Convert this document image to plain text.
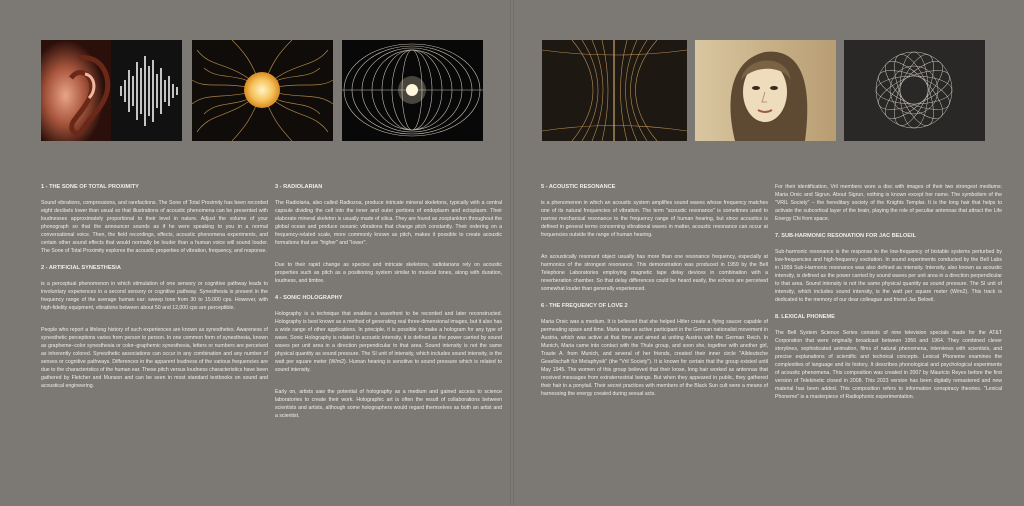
1 - THE SONE OF TOTAL PROXIMITY

Sound vibrations, compressions, and rarefactions. The Sone of Total Proximity has been recorded eight decibels lower than usual so that illustrations of acoustic phenomena can be presented with loudnesses approximately proportional to their level in nature. Adjust the volume of your phonograph so that the announcer sounds as if he were speaking to you in a normal conversational voice. Then, the field recordings, effects, acoustic phenomena experiments, and certain other sound effects that would normally be louder than a human voice will sound louder. The Sone of Total Proximity explores the acoustic properties of vibration, frequency, and response.

2 - ARTIFICIAL SYNESTHESIA

is a perceptual phenomenon in which stimulation of one sensory or cognitive pathway leads to involuntary experiences in a second sensory or cognitive pathway. Synesthesia is present in the frequency range of the average human ear: sweep tone from 30 to 15.000 cps. However, with high-fidelity equipment, vibrations between about 50 and 12,000 cps are perceptible.

People who report a lifelong history of such experiences are known as synesthetes. Awareness of synesthetic perceptions varies from person to person. In one common form of synesthesia, known as grapheme–color synesthesia or color–graphemic synesthesia, letters or numbers are perceived as inherently colored. Synesthetic associations can occur in any combination and any number of senses or cognitive pathways. Differences in the apparent loudness of the various frequencies are due to the characteristics of the human ear. These pitch versus loudness characteristics have been gathered by Fletcher and Munson and can be seen in most standard textbooks on sound and acoustical engineering.

3 - RADIOLARIAN

The Radiolaria, also called Radiozoa, produce intricate mineral skeletons, typically with a central capsule dividing the cell into the inner and outer portions of endoplasm and ectoplasm. Their elaborate mineral skeleton is usually made of silica. They are found as zooplankton throughout the global ocean and produce oceanic vibrations that change pitch constantly. Their ordering on a frequency-related scale, more commonly known as pitch, makes it possible to create acoustic formations that are "higher" and "lower".

Due to their rapid change as species and intricate skeletons, radiolarians rely on acoustic properties such as pitch as a positioning system similar to musical tones, along with duration, loudness, and timbre.

4 - SONIC HOLOGRAPHY

Holography is a technique that enables a wavefront to be recorded and later reconstructed. Holography is best known as a method of generating real three-dimensional images, but it also has a wide range of other applications. In principle, it is possible to make a hologram for any type of wave. Sonic Holography is related to acoustic intensity, it is defined as the power carried by sound waves per unit area in a direction perpendicular to that area. Sound intensity is not the same physical quantity as sound pressure. The SI unit of intensity, which includes sound intensity, is the watt per square meter (W/m2). Human hearing is sensitive to sound pressure which is related to sound intensity.

Early on, artists saw the potential of holography as a medium and gained access to science laboratories to create their work. Holographic art is often the result of collaborations between scientists and artists, although some holographers would regard themselves as both an artist and a scientist.

5 - ACOUSTIC RESONANCE

is a phenomenon in which an acoustic system amplifies sound waves whose frequency matches one of its natural frequencies of vibration. The term "acoustic resonance" is sometimes used to narrow mechanical resonance to the frequency range of human hearing, but since acoustics is defined in general terms concerning vibrational waves in matter, acoustic resonance can occur at frequencies outside the range of human hearing.

An acoustically resonant object usually has more than one resonance frequency, especially at harmonics of the strongest resonance. This demonstration was produced in 1959 by the Bell Telephone Laboratories employing magnetic tape delay devices in combination with a reverberation chamber. So that delay differences could be heard easily, the echoes are perceived somewhat louder than generally experienced.

6 - THE FREQUENCY OF LOVE 2

Maria Orsic was a medium. It is believed that she helped Hitler create a flying saucer capable of permeating space and time. Maria was an active participant in the German nationalist movement in Austria, which was active at that time and aimed at uniting Austria with the German Reich. In Munich, Maria came into contact with the Thule group, and soon she, together with another girl, Traute A. from Munich, and several of her friends, created their inner circle "Alldeutsche Gesellschaft für Metaphysik" (the "Vril Society"). It is known for certain that the group existed until May 1945. The women of this group believed that their loose, long hair worked as antennas that received messages from extraterrestrial beings. But when they appeared in public, they gathered their hair in a ponytail. Their secret practices with members of the Black Sun cult were a means of harnessing the energy created during sexual acts.

For their identification, Vril members wore a disc with images of their two strongest mediums: Maria Orsic and Sigrun. About Sigrun, nothing is known except her name. The symbolism of the "VRIL Society" – the hereditary society of the Knights Templar. It is the long hair that helps to activate the subcortical layer of the brain, playing the role of peculiar antennas that attract the Life Energy Chi from space.

7. SUB-HARMONIC RESONATION FOR JAC BELOEIL

Sub-harmonic resonance is the response to the low-frequency of bistable systems perturbed by low-frequencies and high-frequency excitation. In sound experiments conducted by the Bell Labs in 1959 Sub-Harmonic resonance was also defined as intensity. Intensity, also known as acoustic intensity, is defined as the power carried by sound waves per unit area in a direction perpendicular to that area. Sound intensity is not the same physical quantity as sound pressure. The SI unit of intensity, which includes sound intensity, is the watt per square meter (W/m2). This track is dedicated to the memory of our dear colleague and friend Jac Beloeil.

8. LEXICAL PHONEME

The Bell System Science Series consists of nine television specials made for the AT&T Corporation that were originally broadcast between 1956 and 1964. They combined clever storylines, sophisticated animation, films of natural phenomena, interviews with scientists, and precise explanations of scientific and technical concepts. Lexical Phoneme examines the complexities of language and its history. It describes phonological and psychological experiments of acoustic phenomena. This composition was created in 2007 by Mauricio Reyes before the first version of Telekinetic closed in 2008. This 2023 version has been digitally remastered and new material has been added. This composition refers to information conspiracy theories. "Lexical Phoneme" is a masterpiece of Radiophonic experimentation.
